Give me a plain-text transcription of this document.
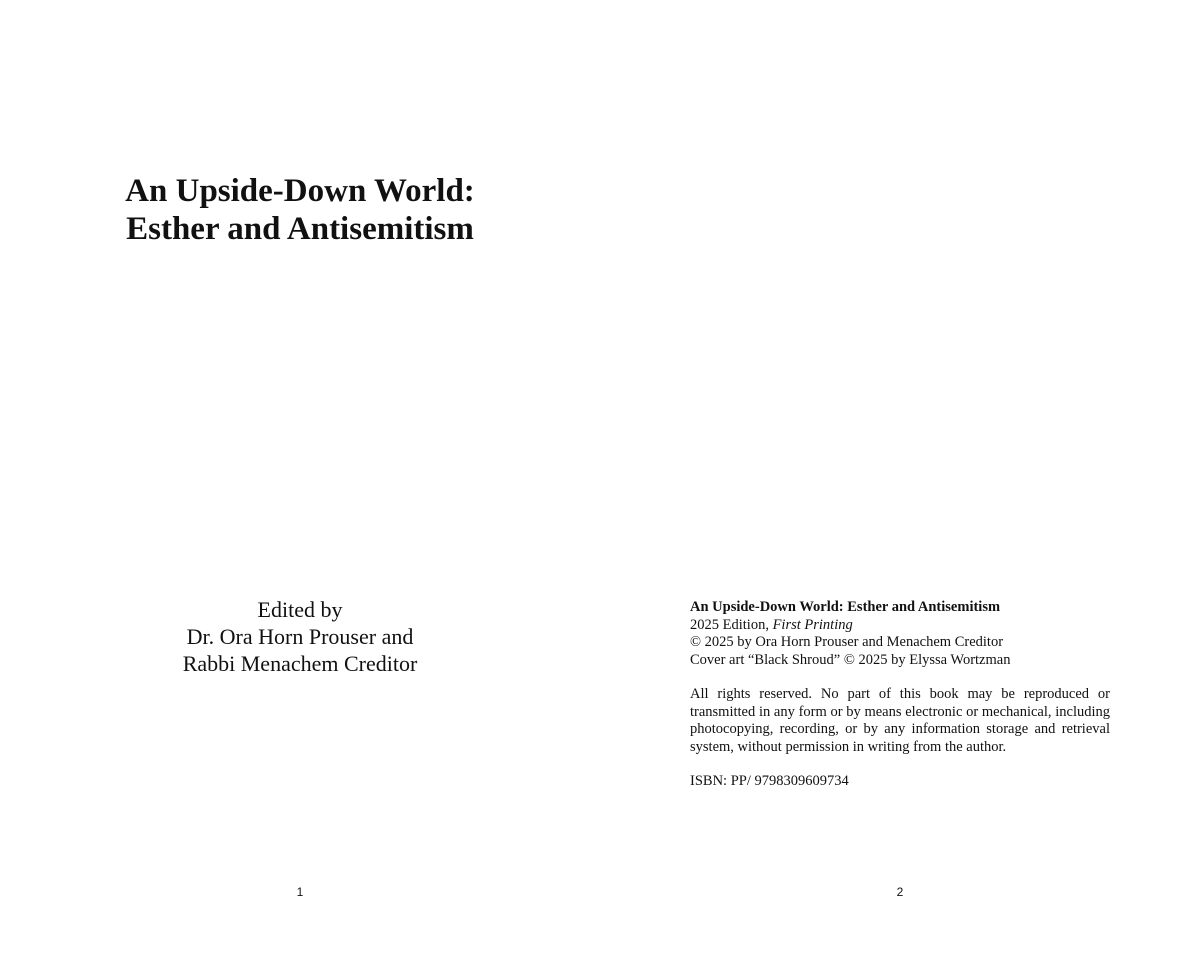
An Upside-Down World:
Esther and Antisemitism
Edited by
Dr. Ora Horn Prouser and
Rabbi Menachem Creditor
1
An Upside-Down World: Esther and Antisemitism
2025 Edition, First Printing
© 2025 by Ora Horn Prouser and Menachem Creditor
Cover art “Black Shroud” © 2025 by Elyssa Wortzman
All rights reserved. No part of this book may be reproduced or transmitted in any form or by means electronic or mechanical, including photocopying, recording, or by any information storage and retrieval system, without permission in writing from the author.
ISBN: PP/ 9798309609734
2
